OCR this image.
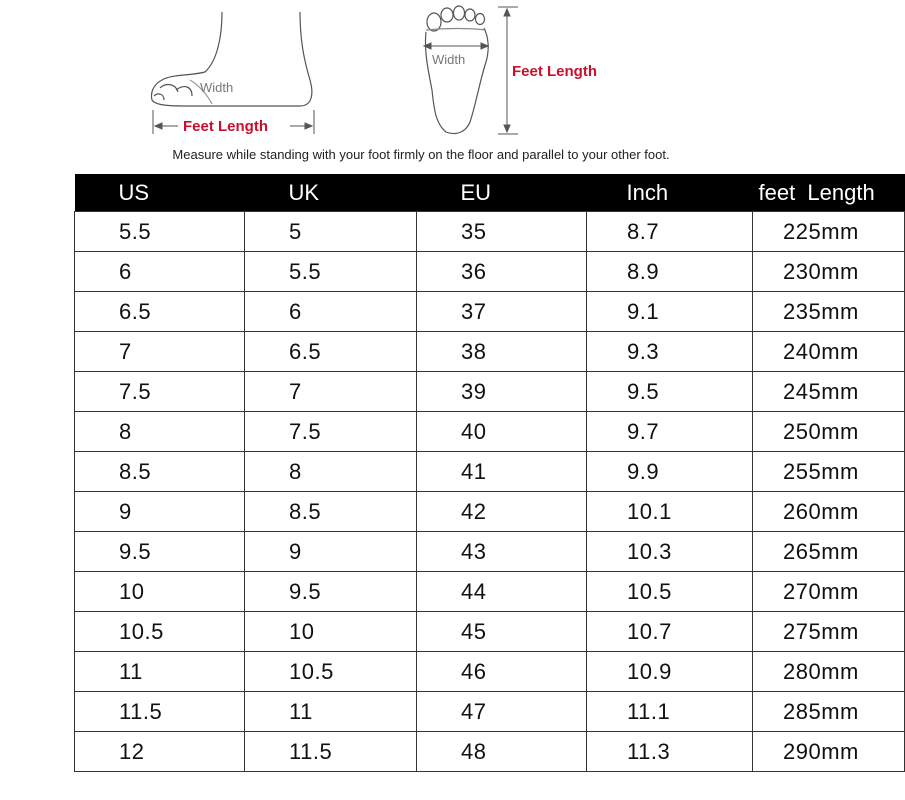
Width
Feet Length
Width
Feet Length
Measure while standing with your foot firmly on the floor and parallel to your other foot.
US	UK	EU	Inch	feet  Length
5.5	5	35	8.7	225mm
6	5.5	36	8.9	230mm
6.5	6	37	9.1	235mm
7	6.5	38	9.3	240mm
7.5	7	39	9.5	245mm
8	7.5	40	9.7	250mm
8.5	8	41	9.9	255mm
9	8.5	42	10.1	260mm
9.5	9	43	10.3	265mm
10	9.5	44	10.5	270mm
10.5	10	45	10.7	275mm
11	10.5	46	10.9	280mm
11.5	11	47	11.1	285mm
12	11.5	48	11.3	290mm
